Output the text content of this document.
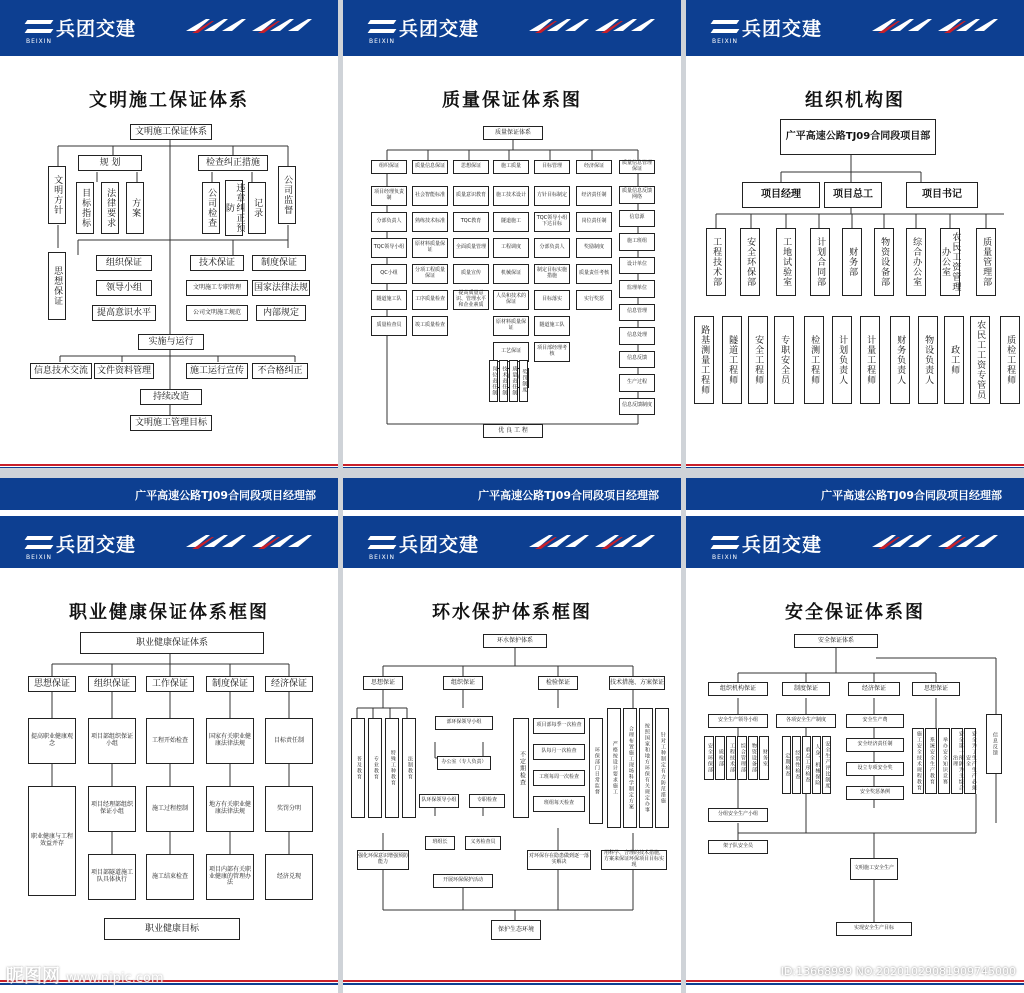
兵团交建
BEIXIN
文明施工保证体系
文明施工保证体系
规 划	检查纠正措施
文明方针	公司监督
目标指标	法律要求	方案	公司检查	违章纠正预防	记录
思想保证
组织保证
领导小组
提高意识水平
技术保证	制度保证
文明施工专职管理
公司文明施工规范
国家法律法规
内部规定
实施与运行
信息技术交流 文件资料管理	施工运行宣传	不合格纠正
持续改造
文明施工管理目标
兵团交建
BEIXIN
质量保证体系图
质量保证体系
组织保证	质量信息保证	思想保证	施工质量	目标管理	经济保证	质量信息管理保证
项目经理负责制
分部负责人
TQC领导小组
QC小组
隧道施工队
质量检查员
社会智能标准
熟练技术标准
原材料质量保证
分项工程质量保证
工序质量检查
竣工质量检查
质量意识教育
TQC教育
全面质量管理
质量宣传
提高质量意识、管理水平和企业素质
施工技术设计
隧道施工
工程调度
机械保证
人员和技术的保证
原材料质量保证
工艺保证
方针目标制定
TQC领导小组下达目标
分部负责人
制定目标实施措施
目标落实
隧道施工队
项目部经理考核
经济责任制
岗位责任制
奖励制度
质量责任考核
实行奖惩
质量信息反馈网络
信息源
施工班组
设计单位
监理单位
信息管理
信息处理
信息反馈
生产过程
信息反馈制度
岗位责任制 技术责任制 质量责任制 奖罚制度
优 良 工 程
兵团交建
BEIXIN
组织机构图
广平高速公路TJ09合同段项目部
项目经理	项目总工	项目书记
工程技术部	安全环保部	工地试验室	计划合同部	财务部	物资设备部	综合办公室	农民工资管理办公室	质量管理部
路基测量工程师	隧道工程师	安全工程师	专职安全员	检测工程师	计划负责人	计量工程师	财务负责人	物设负责人	政工师	农民工工资专管员	质检工程师
广平高速公路TJ09合同段项目经理部
兵团交建
BEIXIN
职业健康保证体系框图
职业健康保证体系
思想保证	组织保证	工作保证	制度保证	经济保证
提高职业健康观念
项目部组织保证小组	工程开始检查	国家有关职业健康法律法规	目标责任制
职业健康与工程效益并存
项目经理部组织保证小组	施工过程控制	地方有关职业健康法律法规	奖罚分明
项目部隧道施工队具体执行	施工结束检查
项目内部有关职业健康的管理办法
经济兑现
职业健康目标
广平高速公路TJ09合同段项目经理部
兵团交建
BEIXIN
环水保护体系框图
环水保护体系
思想保证	组织保证	检验保证	技术措施、方案保证
普及教育	专业教育	特殊工种教育	法制教育
强化环保意识增强预防能力
部环保领导小组
办公室（专人负责）
队环保领导小组	专职检查
班组长	义务检查员
开展环保保护活动
不定期检查
项目部每季一次检查
队每月一次检查
工班每周一次检查
班组每天检查
环保部门日常监督
对环保存在隐患做到逐一落实解决
严格按设计要求施工	合理布置施工现场科学制定方案	按照国家和地方环保有关规定办事	针对工种制定有力防范措施
用科学、合理的技术措施，方案来保证环保项目目标实现
保护生态环境
广平高速公路TJ09合同段项目经理部
兵团交建
BEIXIN
安全保证体系图
安全保证体系
组织机构保证	制度保证	经济保证	思想保证
安全生产领导小组
安全环保部	质检部	工程技术部	综合管理部	物资设备部	财务室
分组安全生产小组
架子队安全员
各项安全生产制度
定期检查 经常性检查 重点工序检查 人身、机械保险 安全生产评比制度
安全生产费
安全经济责任制
设立专项安全奖
安全奖惩条例
施工安全技术规程教育	系统安全生产教育	举办安全知识竞赛	安全第一预防为主综合治理	安全为了生产生产必须安全
信息反馈
文明施工安全生产
实现安全生产目标
昵图网 www.nipic.com	ID:13668999 NO:20201029081909745000
